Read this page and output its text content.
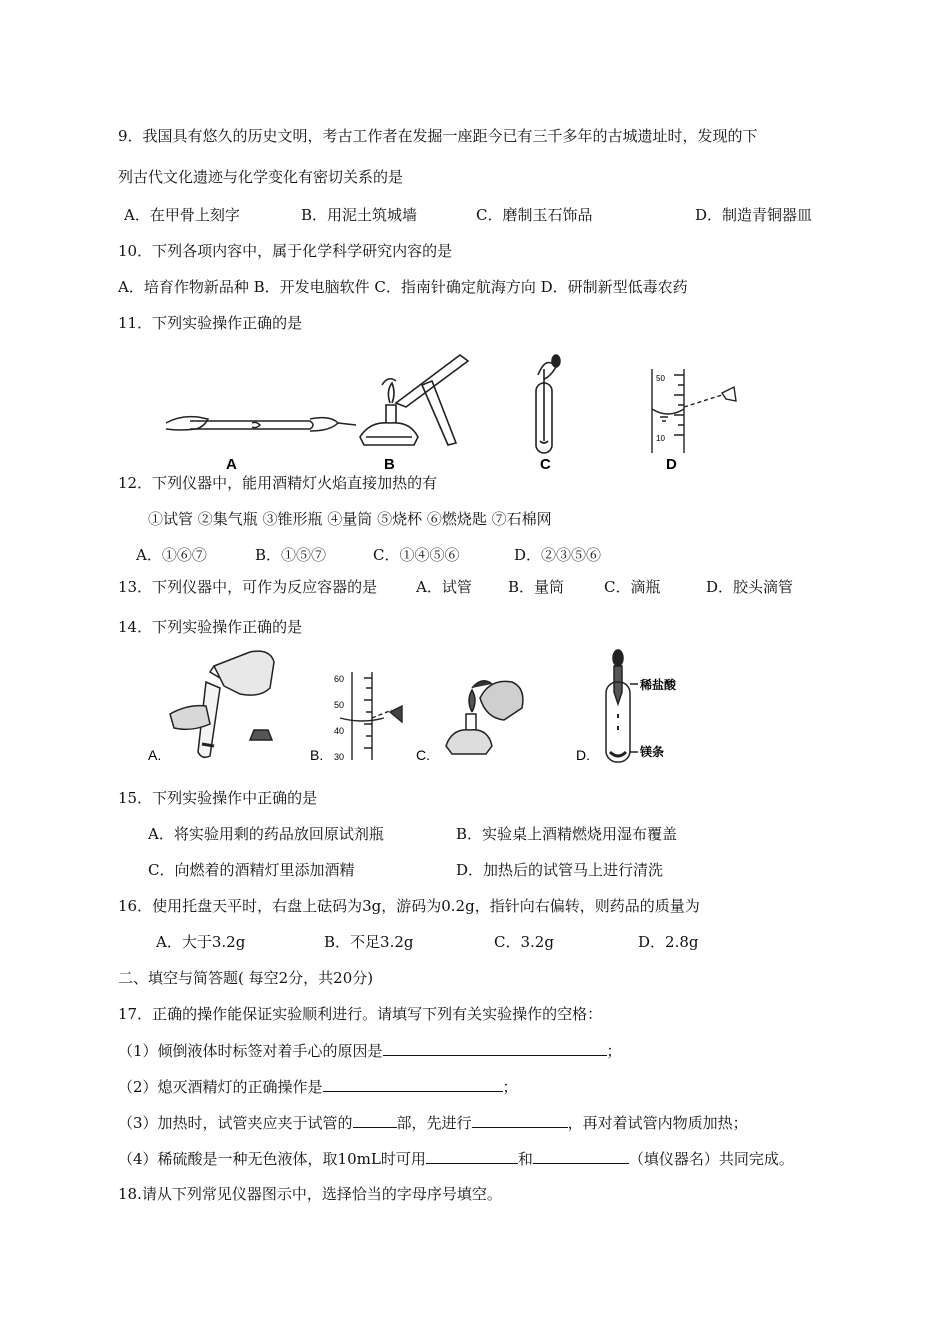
9．我国具有悠久的历史文明，考古工作者在发掘一座距今已有三千多年的古城遗址时，发现的下
列古代文化遗迹与化学变化有密切关系的是
A．在甲骨上刻字	B．用泥土筑城墙	C．磨制玉石饰品	D．制造青铜器皿
10．下列各项内容中，属于化学科学研究内容的是
A．培育作物新品种 B．开发电脑软件 C．指南针确定航海方向 D．研制新型低毒农药
11．下列实验操作正确的是
A	B	C
50
10
D
12．下列仪器中，能用酒精灯火焰直接加热的有
①试管 ②集气瓶 ③锥形瓶 ④量筒 ⑤烧杯 ⑥燃烧匙 ⑦石棉网
A．①⑥⑦	B．①⑤⑦	C．①④⑤⑥	D．②③⑤⑥
13．下列仪器中，可作为反应容器的是	A．试管 B．量筒	C．滴瓶	D．胶头滴管
14．下列实验操作正确的是
A.
60
50
40
30
B.	C.
稀盐酸
镁条
D.
15．下列实验操作中正确的是
A．将实验用剩的药品放回原试剂瓶	B．实验桌上酒精燃烧用湿布覆盖
C．向燃着的酒精灯里添加酒精	D．加热后的试管马上进行清洗
16．使用托盘天平时，右盘上砝码为3g，游码为0.2g，指针向右偏转，则药品的质量为
A．大于3.2g	B．不足3.2g	C．3.2g	D．2.8g
二、填空与简答题( 每空2分，共20分)
17．正确的操作能保证实验顺利进行。请填写下列有关实验操作的空格：
（1）倾倒液体时标签对着手心的原因是	；
（2）熄灭酒精灯的正确操作是	；
（3）加热时，试管夹应夹于试管的	部，先进行	，再对着试管内物质加热；
（4）稀硫酸是一种无色液体，取10mL时可用	和	（填仪器名）共同完成。
18.请从下列常见仪器图示中，选择恰当的字母序号填空。
